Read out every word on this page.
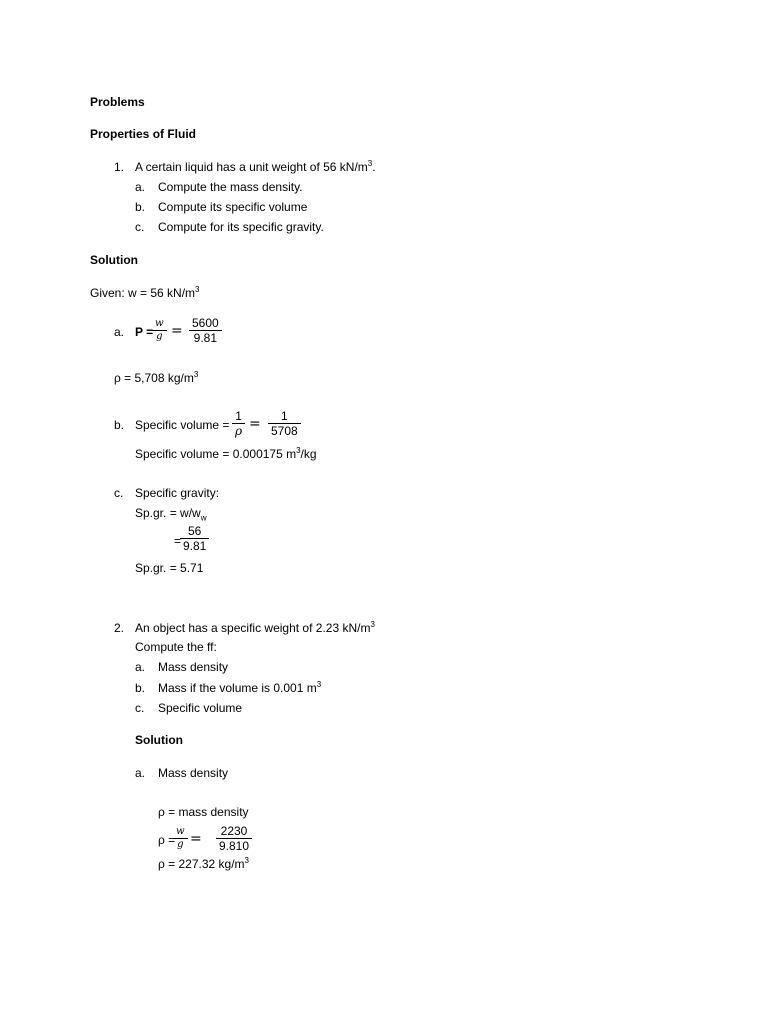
Problems
Properties of Fluid
1. A certain liquid has a unit weight of 56 $kN/m^3$.
a. Compute the mass density.
b. Compute its specific volume
c. Compute for its specific gravity.
Solution
Given: w = 56 $kN/m^3$
a. P =
w
g = 5600
9.81
ρ = 5,708 $kg/m^3$
b. Specific volume =
1
ρ = 1
5708
Specific volume = 0.000175 $m^3/kg$
c. Specific gravity:
Sp.gr. = $w/w_w$
=
56
9.81
Sp.gr. = 5.71
2. An object has a specific weight of 2.23 $kN/m^3$
Compute the ff:
a. Mass density
b. Mass if the volume is 0.001 $m^3$
c. Specific volume
Solution
a. Mass density
ρ = mass density
ρ =
w
g = 2230
9.810
ρ = 227.32 $kg/m^3$
